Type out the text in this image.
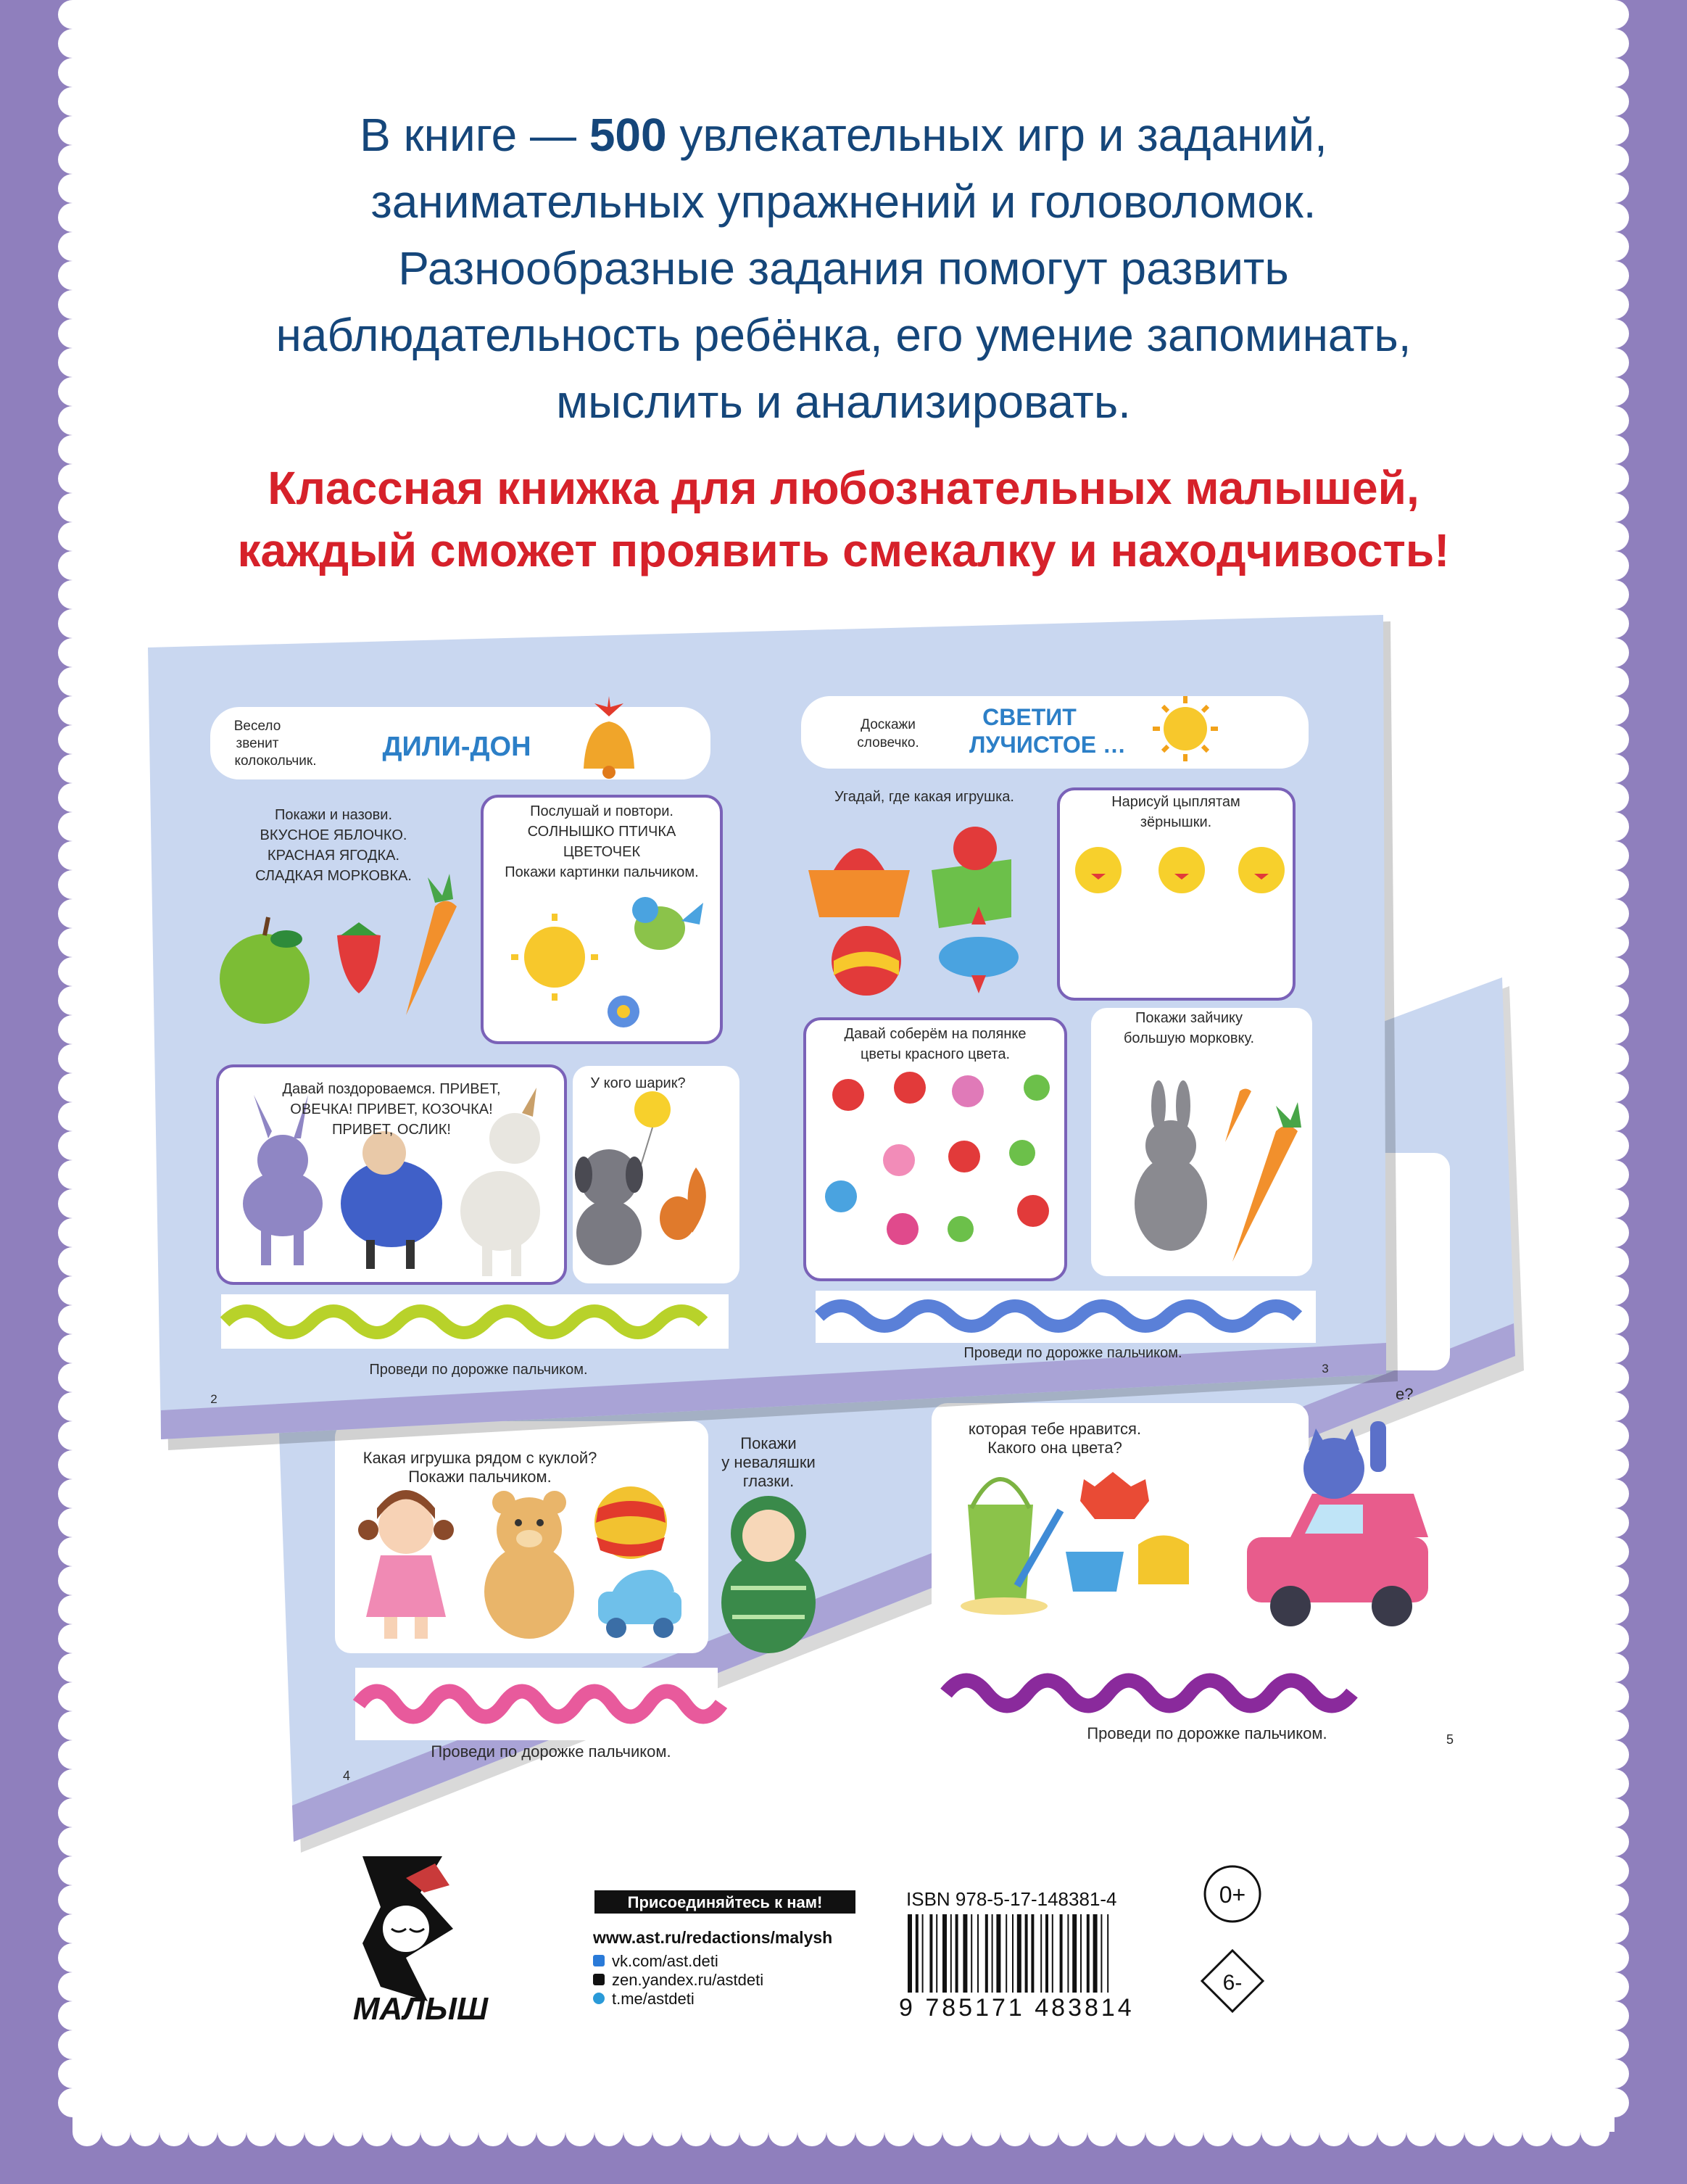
В книге — 500 увлекательных игр и заданий,
занимательных упражнений и головоломок.
Разнообразные задания помогут развить
наблюдательность ребёнка, его умение запоминать,
мыслить и анализировать.
Классная книжка для любознательных малышей,
каждый сможет проявить смекалку и находчивость!
Какая игрушка рядом с куклой?
Покажи пальчиком.
Покажи
у неваляшки
глазки.
которая тебе нравится.
Какого она цвета?
e?
Проведи по дорожке пальчиком.
Проведи по дорожке пальчиком.
4
5
Весело
звенит
колокольчик. ДИЛИ-ДОН
Покажи и назови.
ВКУСНОЕ ЯБЛОЧКО.
КРАСНАЯ ЯГОДКА.
СЛАДКАЯ МОРКОВКА.
Послушай и повтори.
СОЛНЫШКО ПТИЧКА
ЦВЕТОЧЕК
Покажи картинки пальчиком.
Давай поздороваемся. ПРИВЕТ,
ОВЕЧКА! ПРИВЕТ, КОЗОЧКА!
ПРИВЕТ, ОСЛИК!
У кого шарик?
Доскажи
словечко.
СВЕТИТ
ЛУЧИСТОЕ …
Угадай, где какая игрушка.	Нарисуй цыплятам
зёрнышки.
Давай соберём на полянке
цветы красного цвета.
Покажи зайчику
большую морковку.
Проведи по дорожке пальчиком.
Проведи по дорожке пальчиком.
2
3
МАЛЫШ
Присоединяйтесь к нам!
www.ast.ru/redactions/malysh
vk.com/ast.deti
zen.yandex.ru/astdeti
t.me/astdeti
ISBN 978-5-17-148381-4
9 785171 483814
0+
6-
